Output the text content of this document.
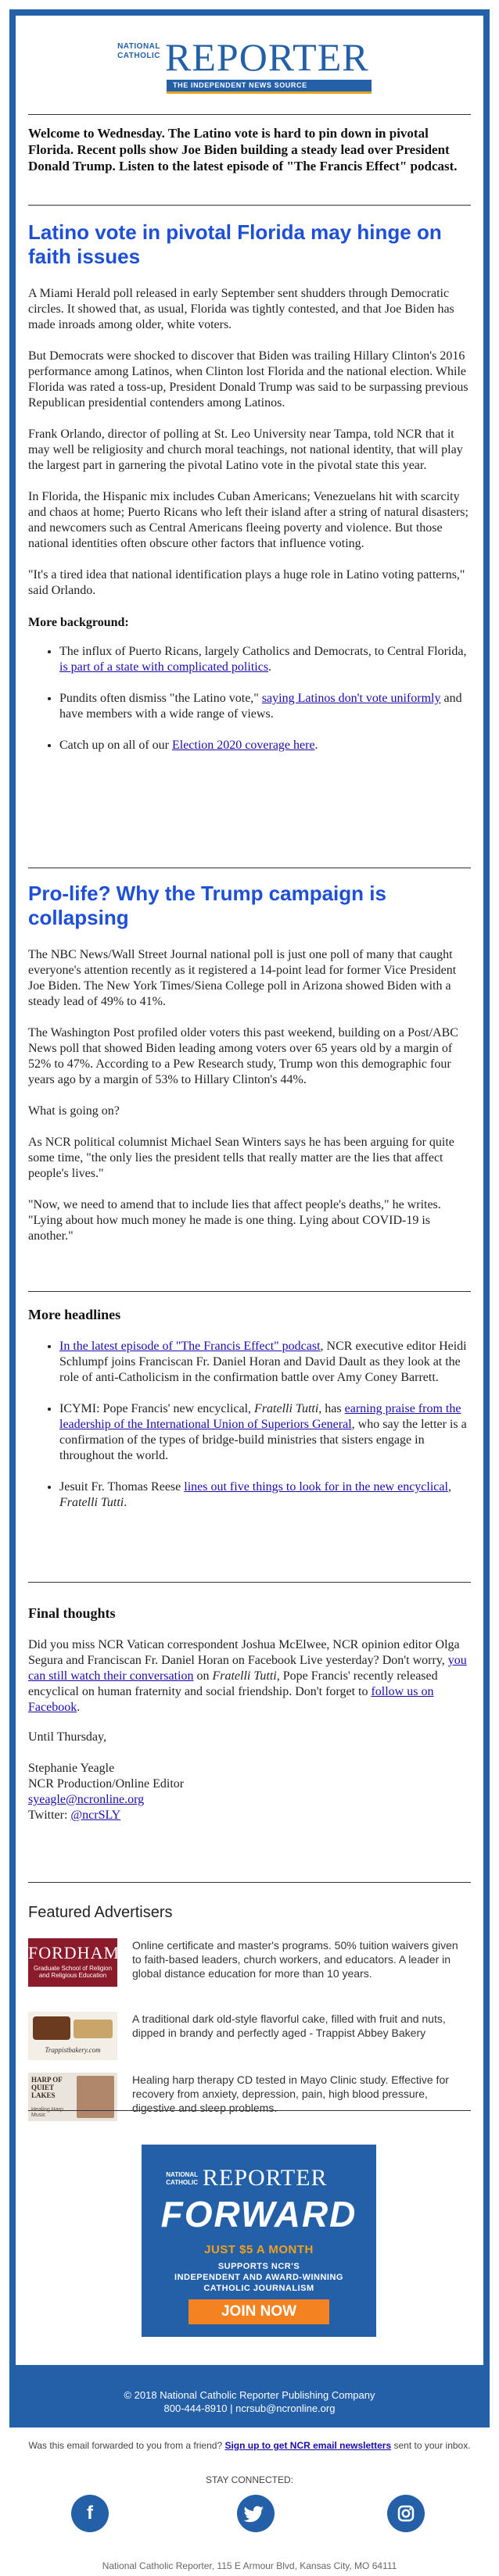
NATIONAL CATHOLIC REPORTER
THE INDEPENDENT NEWS SOURCE
Welcome to Wednesday. The Latino vote is hard to pin down in pivotal Florida. Recent polls show Joe Biden building a steady lead over President Donald Trump. Listen to the latest episode of "The Francis Effect" podcast.
Latino vote in pivotal Florida may hinge on faith issues

A Miami Herald poll released in early September sent shudders through Democratic circles. It showed that, as usual, Florida was tightly contested, and that Joe Biden has made inroads among older, white voters.

But Democrats were shocked to discover that Biden was trailing Hillary Clinton's 2016 performance among Latinos, when Clinton lost Florida and the national election. While Florida was rated a toss-up, President Donald Trump was said to be surpassing previous Republican presidential contenders among Latinos.

Frank Orlando, director of polling at St. Leo University near Tampa, told NCR that it may well be religiosity and church moral teachings, not national identity, that will play the largest part in garnering the pivotal Latino vote in the pivotal state this year.

In Florida, the Hispanic mix includes Cuban Americans; Venezuelans hit with scarcity and chaos at home; Puerto Ricans who left their island after a string of natural disasters; and newcomers such as Central Americans fleeing poverty and violence. But those national identities often obscure other factors that influence voting.

"It's a tired idea that national identification plays a huge role in Latino voting patterns," said Orlando.

More background:
• The influx of Puerto Ricans, largely Catholics and Democrats, to Central Florida, is part of a state with complicated politics.
• Pundits often dismiss "the Latino vote," saying Latinos don't vote uniformly and have members with a wide range of views.
• Catch up on all of our Election 2020 coverage here.
Pro-life? Why the Trump campaign is collapsing

The NBC News/Wall Street Journal national poll is just one poll of many that caught everyone's attention recently as it registered a 14-point lead for former Vice President Joe Biden. The New York Times/Siena College poll in Arizona showed Biden with a steady lead of 49% to 41%.

The Washington Post profiled older voters this past weekend, building on a Post/ABC News poll that showed Biden leading among voters over 65 years old by a margin of 52% to 47%. According to a Pew Research study, Trump won this demographic four years ago by a margin of 53% to Hillary Clinton's 44%.

What is going on?

As NCR political columnist Michael Sean Winters says he has been arguing for quite some time, "the only lies the president tells that really matter are the lies that affect people's lives."

"Now, we need to amend that to include lies that affect people's deaths," he writes. "Lying about how much money he made is one thing. Lying about COVID-19 is another."

More headlines
• In the latest episode of "The Francis Effect" podcast, NCR executive editor Heidi Schlumpf joins Franciscan Fr. Daniel Horan and David Dault as they look at the role of anti-Catholicism in the confirmation battle over Amy Coney Barrett.
• ICYMI: Pope Francis' new encyclical, Fratelli Tutti, has earning praise from the leadership of the International Union of Superiors General, who say the letter is a confirmation of the types of bridge-build ministries that sisters engage in throughout the world.
• Jesuit Fr. Thomas Reese lines out five things to look for in the new encyclical, Fratelli Tutti.
Final thoughts

Did you miss NCR Vatican correspondent Joshua McElwee, NCR opinion editor Olga Segura and Franciscan Fr. Daniel Horan on Facebook Live yesterday? Don't worry, you can still watch their conversation on Fratelli Tutti, Pope Francis' recently released encyclical on human fraternity and social friendship. Don't forget to follow us on Facebook.

Until Thursday,

Stephanie Yeagle

NCR Production/Online Editor

syeagle@ncronline.org

Twitter: @ncrSLY

Featured Advertisers
FORDHAM
Graduate School of Religion and Religious Education
Online certificate and master's programs. 50% tuition waivers given to faith-based leaders, church workers, and educators. A leader in global distance education for more than 10 years.
Trappistbakery.com
A traditional dark old-style flavorful cake, filled with fruit and nuts, dipped in brandy and perfectly aged - Trappist Abbey Bakery
HARP OF QUIET LAKES
Healing Harp Music
Healing harp therapy CD tested in Mayo Clinic study. Effective for recovery from anxiety, depression, pain, high blood pressure, digestive and sleep problems.
NATIONAL CATHOLIC REPORTER
FORWARD
JUST $5 A MONTH
SUPPORTS NCR'S
INDEPENDENT AND AWARD-WINNING
CATHOLIC JOURNALISM
JOIN NOW
© 2018 National Catholic Reporter Publishing Company
800-444-8910 | ncrsub@ncronline.org
Was this email forwarded to you from a friend? Sign up to get NCR email newsletters sent to your inbox.
STAY CONNECTED:
f
National Catholic Reporter, 115 E Armour Blvd, Kansas City, MO 64111
